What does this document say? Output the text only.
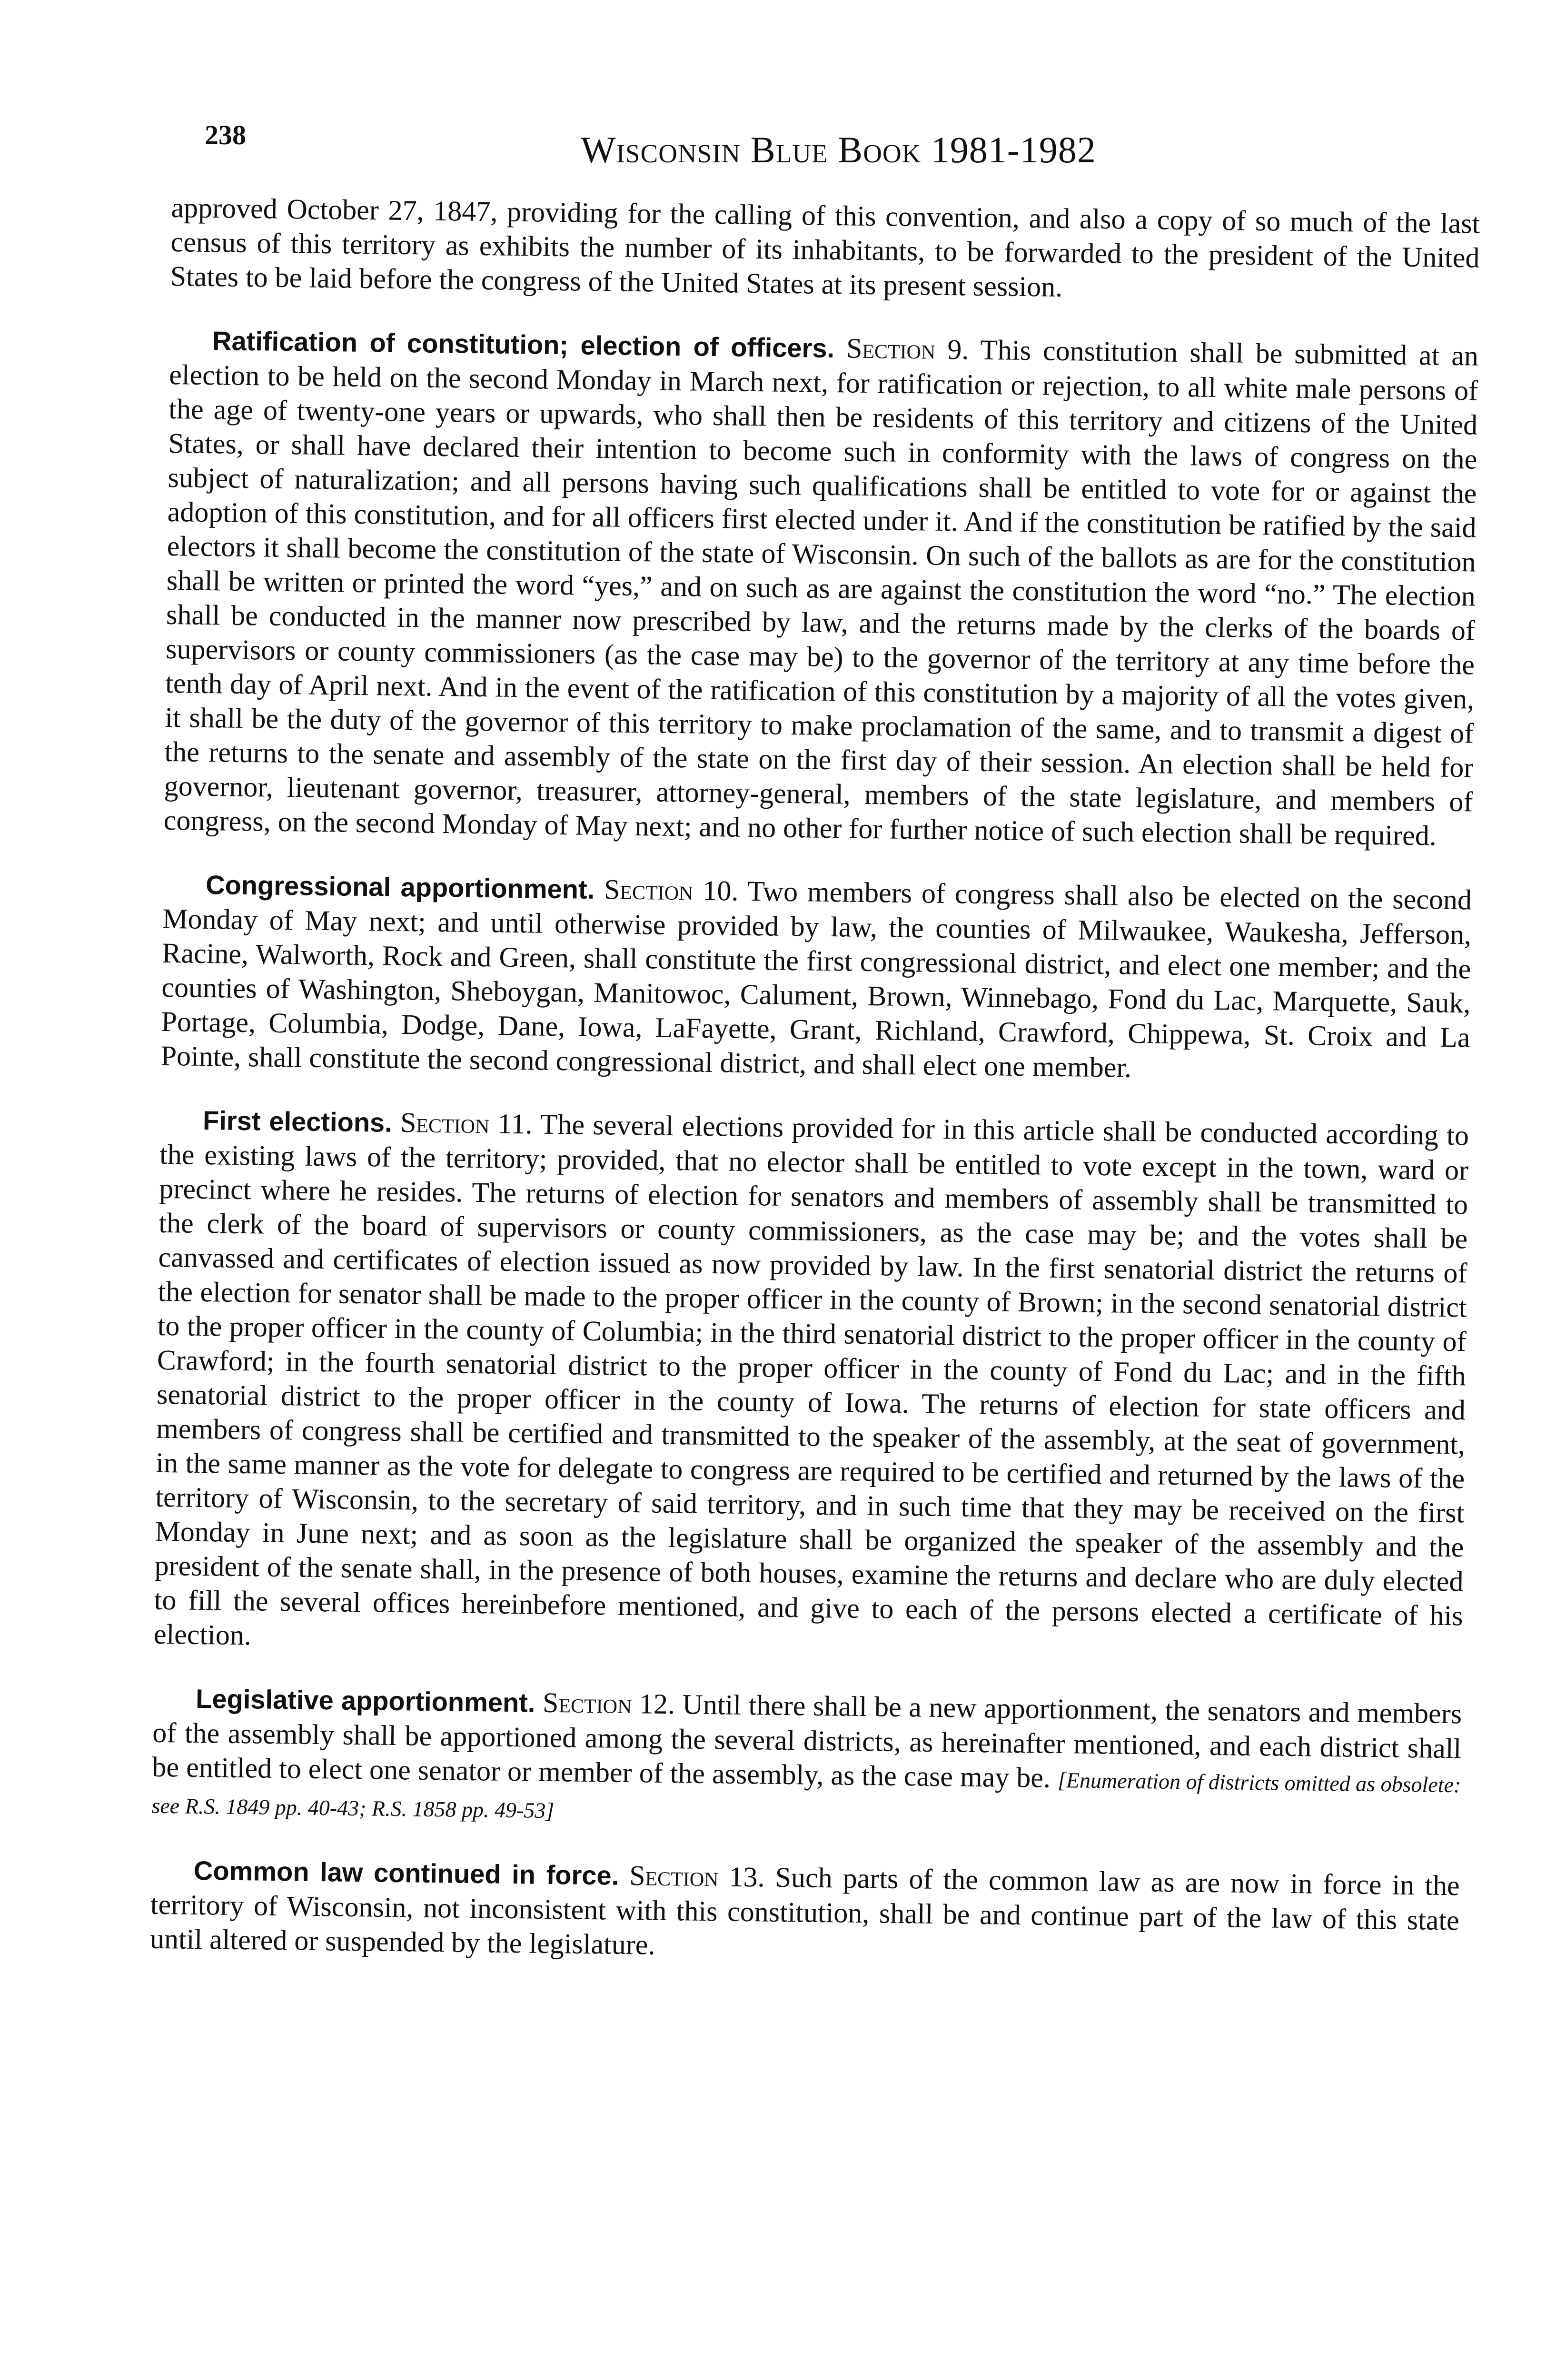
238	Wisconsin Blue Book 1981-1982

approved October 27, 1847, providing for the calling of this convention, and also a copy of so much of the last census of this territory as exhibits the number of its inhabitants, to be forwarded to the president of the United States to be laid before the congress of the United States at its present session.

Ratification of constitution; election of officers. Section 9. This constitution shall be submitted at an election to be held on the second Monday in March next, for ratification or rejection, to all white male persons of the age of twenty-one years or upwards, who shall then be residents of this territory and citizens of the United States, or shall have declared their intention to become such in conformity with the laws of congress on the subject of naturalization; and all persons having such qualifications shall be entitled to vote for or against the adoption of this constitution, and for all officers first elected under it. And if the constitution be ratified by the said electors it shall become the constitution of the state of Wisconsin. On such of the ballots as are for the constitution shall be written or printed the word “yes,” and on such as are against the constitution the word “no.” The election shall be conducted in the manner now prescribed by law, and the returns made by the clerks of the boards of supervisors or county commissioners (as the case may be) to the governor of the territory at any time before the tenth day of April next. And in the event of the ratification of this constitution by a majority of all the votes given, it shall be the duty of the governor of this territory to make proclamation of the same, and to transmit a digest of the returns to the senate and assembly of the state on the first day of their session. An election shall be held for governor, lieutenant governor, treasurer, attorney-general, members of the state legislature, and members of congress, on the second Monday of May next; and no other for further notice of such election shall be required.

Congressional apportionment. Section 10. Two members of congress shall also be elected on the second Monday of May next; and until otherwise provided by law, the counties of Milwaukee, Waukesha, Jefferson, Racine, Walworth, Rock and Green, shall constitute the first congressional district, and elect one member; and the counties of Washington, Sheboygan, Manitowoc, Calument, Brown, Winnebago, Fond du Lac, Marquette, Sauk, Portage, Columbia, Dodge, Dane, Iowa, LaFayette, Grant, Richland, Crawford, Chippewa, St. Croix and La Pointe, shall constitute the second congressional district, and shall elect one member.

First elections. Section 11. The several elections provided for in this article shall be conducted according to the existing laws of the territory; provided, that no elector shall be entitled to vote except in the town, ward or precinct where he resides. The returns of election for senators and members of assembly shall be transmitted to the clerk of the board of supervisors or county commissioners, as the case may be; and the votes shall be canvassed and certificates of election issued as now provided by law. In the first senatorial district the returns of the election for senator shall be made to the proper officer in the county of Brown; in the second senatorial district to the proper officer in the county of Columbia; in the third senatorial district to the proper officer in the county of Crawford; in the fourth senatorial district to the proper officer in the county of Fond du Lac; and in the fifth senatorial district to the proper officer in the county of Iowa. The returns of election for state officers and members of congress shall be certified and transmitted to the speaker of the assembly, at the seat of government, in the same manner as the vote for delegate to congress are required to be certified and returned by the laws of the territory of Wisconsin, to the secretary of said territory, and in such time that they may be received on the first Monday in June next; and as soon as the legislature shall be organized the speaker of the assembly and the president of the senate shall, in the presence of both houses, examine the returns and declare who are duly elected to fill the several offices hereinbefore mentioned, and give to each of the persons elected a certificate of his election.

Legislative apportionment. Section 12. Until there shall be a new apportionment, the senators and members of the assembly shall be apportioned among the several districts, as hereinafter mentioned, and each district shall be entitled to elect one senator or member of the assembly, as the case may be. [Enumeration of districts omitted as obsolete: see R.S. 1849 pp. 40-43; R.S. 1858 pp. 49-53]

Common law continued in force. Section 13. Such parts of the common law as are now in force in the territory of Wisconsin, not inconsistent with this constitution, shall be and continue part of the law of this state until altered or suspended by the legislature.
